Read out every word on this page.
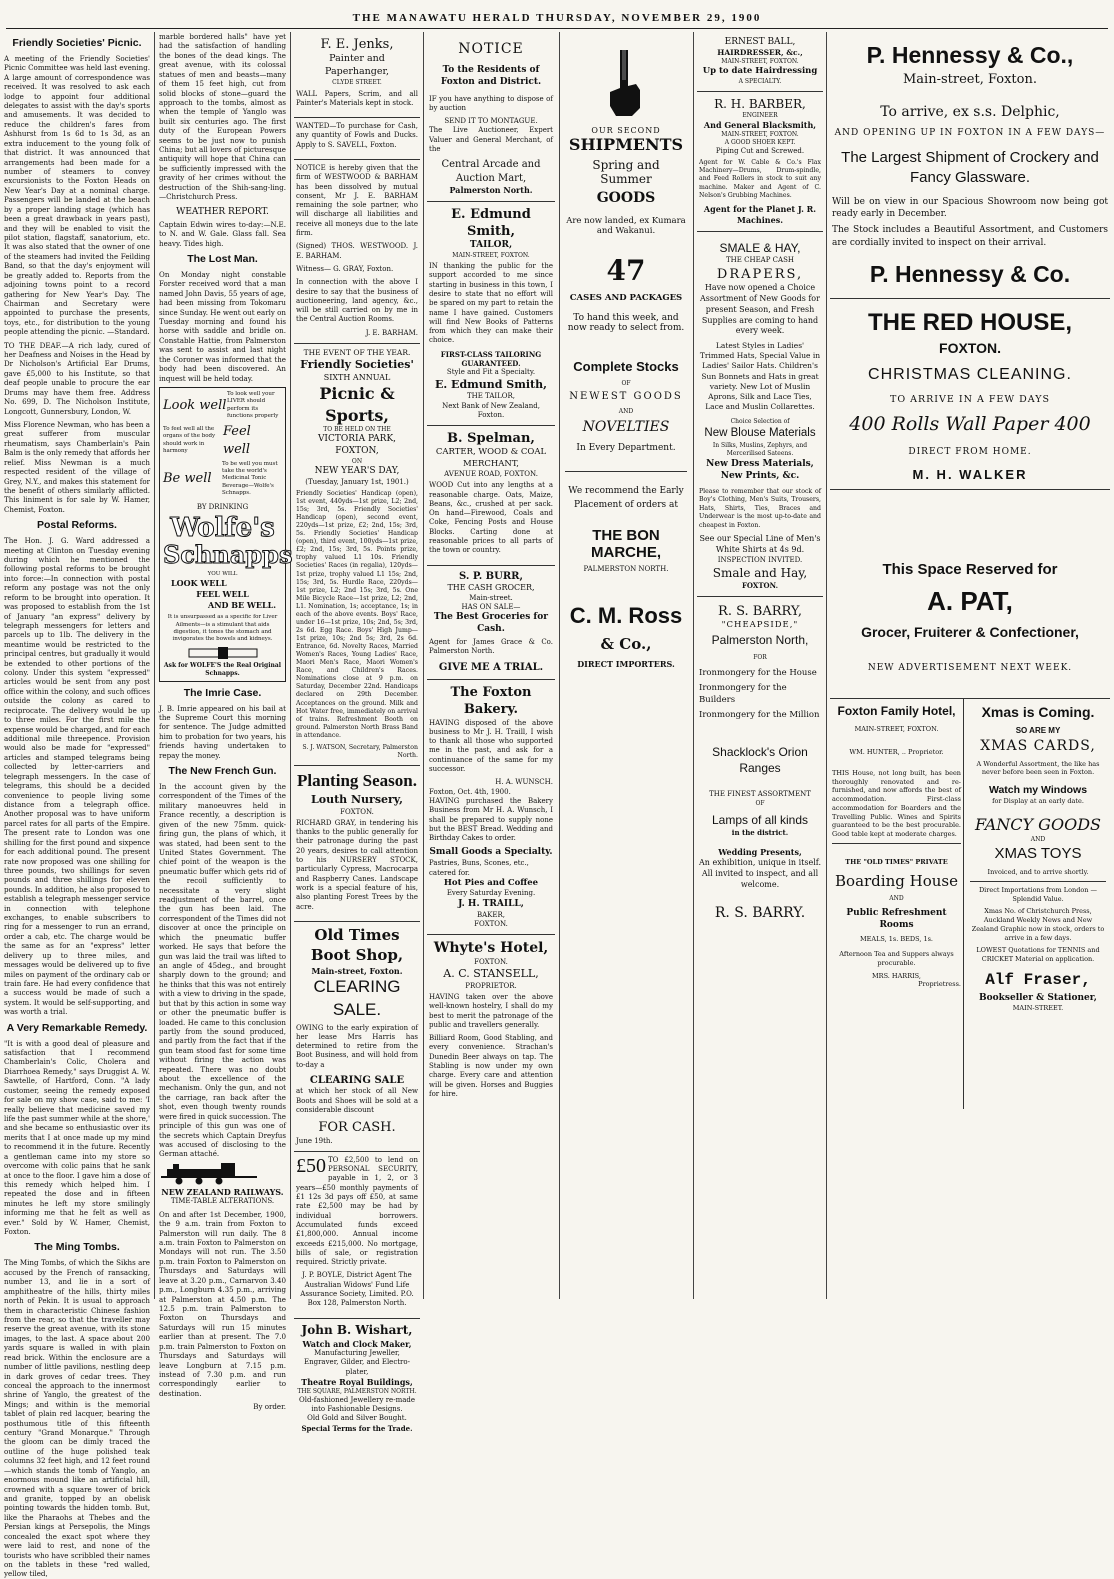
THE MANAWATU HERALD THURSDAY, NOVEMBER 29, 1900
Friendly Societies' Picnic.

A meeting of the Friendly Societies' Picnic Committee was held last evening. A large amount of correspondence was received. It was resolved to ask each lodge to appoint four additional delegates to assist with the day's sports and amusements. It was decided to reduce the children's fares from Ashhurst from 1s 6d to 1s 3d, as an extra inducement to the young folk of that district. It was announced that arrangements had been made for a number of steamers to convey excursionists to the Foxton Heads on New Year's Day at a nominal charge. Passengers will be landed at the beach by a proper landing stage (which has been a great drawback in years past), and they will be enabled to visit the pilot station, flagstaff, sanatorium, etc. It was also stated that the owner of one of the steamers had invited the Feilding Band, so that the day's enjoyment will be greatly added to. Reports from the adjoining towns point to a record gathering for New Year's Day. The Chairman and Secretary were appointed to purchase the presents, toys, etc., for distribution to the young people attending the picnic. —Standard.

TO THE DEAF.—A rich lady, cured of her Deafness and Noises in the Head by Dr Nicholson's Artificial Ear Drums, gave £5,000 to his Institute, so that deaf people unable to procure the ear Drums may have them free. Address No. 699, D. The Nicholson Institute, Longcott, Gunnersbury, London, W.

Miss Florence Newman, who has been a great sufferer from muscular rheumatism, says Chamberlain's Pain Balm is the only remedy that affords her relief. Miss Newman is a much respected resident of the village of Grey, N.Y., and makes this statement for the benefit of others similarly afflicted. This liniment is for sale by W. Hamer, Chemist, Foxton.

Postal Reforms.

The Hon. J. G. Ward addressed a meeting at Clinton on Tuesday evening during which he mentioned the following postal reforms to be brought into force:—In connection with postal reform any postage was not the only reform to be brought into operation. It was proposed to establish from the 1st of January "an express" delivery by telegraph messengers for letters and parcels up to 1lb. The delivery in the meantime would be restricted to the principal centres, but gradually it would be extended to other portions of the colony. Under this system "expressed" articles would be sent from any post office within the colony, and such offices outside the colony as cared to reciprocate. The delivery would be up to three miles. For the first mile the expense would be charged, and for each additional mile threepence. Provision would also be made for "expressed" articles and stamped telegrams being collected by letter-carriers and telegraph messengers. In the case of telegrams, this should be a decided convenience to people living some distance from a telegraph office. Another proposal was to have uniform parcel rates for all parts of the Empire. The present rate to London was one shilling for the first pound and sixpence for each additional pound. The present rate now proposed was one shilling for three pounds, two shillings for seven pounds and three shillings for eleven pounds. In addition, he also proposed to establish a telegraph messenger service in connection with telephone exchanges, to enable subscribers to ring for a messenger to run an errand, order a cab, etc. The charge would be the same as for an "express" letter delivery up to three miles, and messages would be delivered up to five miles on payment of the ordinary cab or train fare. He had every confidence that a success would be made of such a system. It would be self-supporting, and was worth a trial.

A Very Remarkable Remedy.

"It is with a good deal of pleasure and satisfaction that I recommend Chamberlain's Colic, Cholera and Diarrhoea Remedy," says Druggist A. W. Sawtelle, of Hartford, Conn. "A lady customer, seeing the remedy exposed for sale on my show case, said to me: 'I really believe that medicine saved my life the past summer while at the shore,' and she became so enthusiastic over its merits that I at once made up my mind to recommend it in the future. Recently a gentleman came into my store so overcome with colic pains that he sank at once to the floor. I gave him a dose of this remedy which helped him. I repeated the dose and in fifteen minutes he left my store smilingly informing me that he felt as well as ever." Sold by W. Hamer, Chemist, Foxton.

The Ming Tombs.

The Ming Tombs, of which the Sikhs are accused by the French of ransacking, number 13, and lie in a sort of amphitheatre of the hills, thirty miles north of Pekin. It is usual to approach them in characteristic Chinese fashion from the rear, so that the traveller may reserve the great avenue, with its stone images, to the last. A space about 200 yards square is walled in with plain read brick. Within the enclosure are a number of little pavilions, nestling deep in dark groves of cedar trees. They conceal the approach to the innermost shrine of Yanglo, the greatest of the Mings; and within is the memorial tablet of plain red lacquer, bearing the posthumous title of this fifteenth century "Grand Monarque." Through the gloom can be dimly traced the outline of the huge polished teak columns 32 feet high, and 12 feet round—which stands the tomb of Yanglo, an enormous mound like an artificial hill, crowned with a square tower of brick and granite, topped by an obelisk pointing towards the hidden tomb. But, like the Pharaohs at Thebes and the Persian kings at Persepolis, the Mings concealed the exact spot where they were laid to rest, and none of the tourists who have scribbled their names on the tablets in these "red walled, yellow tiled,

marble bordered halls" have yet had the satisfaction of handling the bones of the dead kings. The great avenue, with its colossal statues of men and beasts—many of them 15 feet high, cut from solid blocks of stone—guard the approach to the tombs, almost as when the temple of Yanglo was built six centuries ago. The first duty of the European Powers seems to be just now to punish China; but all lovers of picturesque antiquity will hope that China can be sufficiently impressed with the gravity of her crimes without the destruction of the Shih-sang-ling.—Christchurch Press.

WEATHER REPORT.

Captain Edwin wires to-day:—N.E. to N. and W. Gale. Glass fall. Sea heavy. Tides high.

The Lost Man.

On Monday night constable Forster received word that a man named John Davis, 55 years of age, had been missing from Tokomaru since Sunday. He went out early on Tuesday morning and found his horse with saddle and bridle on. Constable Hattie, from Palmerston was sent to assist and last night the Coroner was informed that the body had been discovered. An inquest will be held today.

Look well
To look well your LIVER should perform its functions properly
To feel well all the organs of the body should work in harmony
Feel well
Be well
To be well you must take the world's Medicinal Tonic Beverage—Wolfe's Schnapps.
BY DRINKING
Wolfe's
Schnapps
YOU WILL
LOOK WELL
FEEL WELL
AND BE WELL.
It is unsurpassed as a specific for Liver Ailments—is a stimulant that aids digestion, it tones the stomach and invigorates the bowels and kidneys.
Ask for WOLFE'S the Real Original Schnapps.
The Imrie Case.

J. B. Imrie appeared on his bail at the Supreme Court this morning for sentence. The Judge admitted him to probation for two years, his friends having undertaken to repay the money.

The New French Gun.

In the account given by the correspondent of the Times of the military manoeuvres held in France recently, a description is given of the new 75mm. quick-firing gun, the plans of which, it was stated, had been sent to the United States Government. The chief point of the weapon is the pneumatic buffer which gets rid of the recoil sufficiently to necessitate a very slight readjustment of the barrel, once the gun has been laid. The correspondent of the Times did not discover at once the principle on which the pneumatic buffer worked. He says that before the gun was laid the trail was lifted to an angle of 45deg., and brought sharply down to the ground; and he thinks that this was not entirely with a view to driving in the spade, but that by this action in some way or other the pneumatic buffer is loaded. He came to this conclusion partly from the sound produced, and partly from the fact that if the gun team stood fast for some time without firing the action was repeated. There was no doubt about the excellence of the mechanism. Only the gun, and not the carriage, ran back after the shot, even though twenty rounds were fired in quick succession. The principle of this gun was one of the secrets which Captain Dreyfus was accused of disclosing to the German attaché.

NEW ZEALAND RAILWAYS.
TIME-TABLE ALTERATIONS.

On and after 1st December, 1900, the 9 a.m. train from Foxton to Palmerston will run daily. The 8 a.m. train Foxton to Palmerston on Mondays will not run. The 3.50 p.m. train Foxton to Palmerston on Thursdays and Saturdays will leave at 3.20 p.m., Carnarvon 3.40 p.m., Longburn 4.35 p.m., arriving at Palmerston at 4.50 p.m. The 12.5 p.m. train Palmerston to Foxton on Thursdays and Saturdays will run 15 minutes earlier than at present. The 7.0 p.m. train Palmerston to Foxton on Thursdays and Saturdays will leave Longburn at 7.15 p.m. instead of 7.30 p.m. and run correspondingly earlier to destination.

By order.
F. E. Jenks,
Painter and Paperhanger,
CLYDE STREET.

WALL Papers, Scrim, and all Painter's Materials kept in stock.

WANTED—To purchase for Cash, any quantity of Fowls and Ducks. Apply to S. SAVELL, Foxton.

NOTICE is hereby given that the firm of WESTWOOD & BARHAM has been dissolved by mutual consent, Mr J. E. BARHAM remaining the sole partner, who will discharge all liabilities and receive all moneys due to the late firm.

(Signed) THOS. WESTWOOD. J. E. BARHAM.

Witness— G. GRAY, Foxton.

In connection with the above I desire to say that the business of auctioneering, land agency, &c., will be still carried on by me in the Central Auction Rooms.

J. E. BARHAM.
THE EVENT OF THE YEAR.
Friendly Societies'
SIXTH ANNUAL
Picnic & Sports,
TO BE HELD ON THE
VICTORIA PARK, FOXTON,
ON
NEW YEAR'S DAY,
(Tuesday, January 1st, 1901.)

Friendly Societies' Handicap (open), 1st event, 440yds—1st prize, L2; 2nd, 15s; 3rd, 5s. Friendly Societies' Handicap (open), second event, 220yds—1st prize, £2; 2nd, 15s; 3rd, 5s. Friendly Societies' Handicap (open), third event, 100yds—1st prize, £2; 2nd, 15s; 3rd, 5s. Points prize, trophy valued L1 10s. Friendly Societies' Races (in regalia), 120yds—1st prize, trophy valued L1 15s; 2nd, 15s; 3rd, 5s. Hurdle Race, 220yds—1st prize, L2; 2nd 15s; 3rd, 5s. One Mile Bicycle Race—1st prize, L2; 2nd, L1. Nomination, 1s; acceptance, 1s; in each of the above events. Boys' Race, under 16—1st prize, 10s; 2nd, 5s; 3rd, 2s 6d. Egg Race. Boys' High Jump—1st prize, 10s; 2nd 5s; 3rd, 2s 6d. Entrance, 6d. Novelty Races, Married Women's Races, Young Ladies' Race, Maori Men's Race, Maori Women's Race, and Children's Races. Nominations close at 9 p.m. on Saturday, December 22nd. Handicaps declared on 29th December. Acceptances on the ground. Milk and Hot Water free, immediately on arrival of trains. Refreshment Booth on ground. Palmerston North Brass Band in attendance.

S. J. WATSON, Secretary, Palmerston North.
Planting Season.
Louth Nursery,
FOXTON.

RICHARD GRAY, in tendering his thanks to the public generally for their patronage during the past 20 years, desires to call attention to his NURSERY STOCK, particularly Cypress, Macrocarpa and Raspberry Canes. Landscape work is a special feature of his, also planting Forest Trees by the acre.

Old Times Boot Shop,
Main-street, Foxton.
CLEARING SALE.

OWING to the early expiration of her lease Mrs Harris has determined to retire from the Boot Business, and will hold from to-day a

CLEARING SALE

at which her stock of all New Boots and Shoes will be sold at a considerable discount

FOR CASH.
June 19th.
£50 TO £2,500 to lend on PERSONAL SECURITY, payable in 1, 2, or 3 years—£50 monthly payments of £1 12s 3d pays off £50, at same rate £2,500 may be had by individual borrowers. Accumulated funds exceed £1,800,000. Annual income exceeds £215,000. No mortgage, bills of sale, or registration required. Strictly private.

J. P. BOYLE, District Agent The Australian Widows' Fund Life Assurance Society, Limited. P.O. Box 128, Palmerston North.

John B. Wishart,
Watch and Clock Maker,
Manufacturing Jeweller, Engraver, Gilder, and Electro-plater,
Theatre Royal Buildings,
THE SQUARE, PALMERSTON NORTH.
Old-fashioned Jewellery re-made into Fashionable Designs.
Old Gold and Silver Bought.
Special Terms for the Trade.
NOTICE
To the Residents of
Foxton and District.

IF you have anything to dispose of by auction

SEND IT TO MONTAGUE.

The Live Auctioneer, Expert Valuer and General Merchant, of the

Central Arcade and Auction Mart,
Palmerston North.
E. Edmund Smith,
TAILOR,
MAIN-STREET, FOXTON.

IN thanking the public for the support accorded to me since starting in business in this town, I desire to state that no effort will be spared on my part to retain the name I have gained. Customers will find New Books of Patterns from which they can make their choice.

FIRST-CLASS TAILORING GUARANTEED.
Style and Fit a Specialty.
E. Edmund Smith,
THE TAILOR,
Next Bank of New Zealand, Foxton.
B. Spelman,
CARTER, WOOD & COAL MERCHANT,
AVENUE ROAD, FOXTON.

WOOD Cut into any lengths at a reasonable charge. Oats, Maize, Beans, &c., crushed at per sack. On hand—Firewood, Coals and Coke, Fencing Posts and House Blocks. Carting done at reasonable prices to all parts of the town or country.

S. P. BURR,
THE CASH GROCER,
Main-street.
HAS ON SALE—
The Best Groceries for Cash.

Agent for James Grace & Co. Palmerston North.

GIVE ME A TRIAL.
The Foxton Bakery.

HAVING disposed of the above business to Mr J. H. Traill, I wish to thank all those who supported me in the past, and ask for a continuance of the same for my successor.

H. A. WUNSCH.
Foxton, Oct. 4th, 1900.

HAVING purchased the Bakery Business from Mr H. A. Wunsch, I shall be prepared to supply none but the BEST Bread. Wedding and Birthday Cakes to order.

Small Goods a Specialty.
Pastries, Buns, Scones, etc., catered for.
Hot Pies and Coffee
Every Saturday Evening.
J. H. TRAILL,
BAKER,
FOXTON.
Whyte's Hotel,
FOXTON.
A. C. STANSELL,
PROPRIETOR.

HAVING taken over the above well-known hostelry, I shall do my best to merit the patronage of the public and travellers generally.

Billiard Room, Good Stabling, and every convenience. Strachan's Dunedin Beer always on tap. The Stabling is now under my own charge. Every care and attention will be given. Horses and Buggies for hire.

OUR SECOND
SHIPMENTS
Spring and Summer
GOODS
Are now landed, ex Kumara and Wakanui.
47
CASES AND PACKAGES
To hand this week, and now ready to select from.
Complete Stocks
OF
NEWEST GOODS
AND
NOVELTIES
In Every Department.
We recommend the Early Placement of orders at
THE BON MARCHE,
PALMERSTON NORTH.
C. M. Ross
& Co.,
DIRECT IMPORTERS.
ERNEST BALL,
HAIRDRESSER, &c.,
MAIN-STREET, FOXTON.
Up to date Hairdressing
A SPECIALTY.
R. H. BARBER,
ENGINEER
And General Blacksmith,
MAIN-STREET, FOXTON.
A GOOD SHOER KEPT.
Piping Cut and Screwed.

Agent for W. Cable & Co.'s Flax Machinery—Drums, Drum-spindle, and Feed Rollers in stock to suit any machine. Maker and Agent of C. Nelson's Grubbing Machines.

Agent for the Planet J. R. Machines.
SMALE & HAY,
THE CHEAP CASH
DRAPERS,

Have now opened a Choice Assortment of New Goods for present Season, and Fresh Supplies are coming to hand every week.

Latest Styles in Ladies' Trimmed Hats, Special Value in Ladies' Sailor Hats. Children's Sun Bonnets and Hats in great variety. New Lot of Muslin Aprons, Silk and Lace Ties, Lace and Muslin Collarettes.

Choice Selection of
New Blouse Materials
In Silks, Muslins, Zephyrs, and Mercerilised Sateens.
New Dress Materials, New Prints, &c.

Please to remember that our stock of Boy's Clothing, Men's Suits, Trousers, Hats, Shirts, Ties, Braces and Underwear is the most up-to-date and cheapest in Foxton.

See our Special Line of Men's White Shirts at 4s 9d.
INSPECTION INVITED.
Smale and Hay,
FOXTON.
R. S. BARRY,
"CHEAPSIDE,"
Palmerston North,
FOR
Ironmongery for the House
Ironmongery for the Builders
Ironmongery for the Million
Shacklock's Orion Ranges
THE FINEST ASSORTMENT
OF
Lamps of all kinds
in the district.
Wedding Presents,
An exhibition, unique in itself.
All invited to inspect, and all welcome.
R. S. BARRY.
P. Hennessy & Co.,
Main-street, Foxton.
To arrive, ex s.s. Delphic,
AND OPENING UP IN FOXTON IN A FEW DAYS—
The Largest Shipment of Crockery and Fancy Glassware.

Will be on view in our Spacious Showroom now being got ready early in December.

The Stock includes a Beautiful Assortment, and Customers are cordially invited to inspect on their arrival.

P. Hennessy & Co.
THE RED HOUSE,
FOXTON.
CHRISTMAS CLEANING.
TO ARRIVE IN A FEW DAYS
400 Rolls Wall Paper 400
DIRECT FROM HOME.
M. H. WALKER
This Space Reserved for
A. PAT,
Grocer, Fruiterer & Confectioner,
NEW ADVERTISEMENT NEXT WEEK.
Foxton Family Hotel,
MAIN-STREET, FOXTON.
WM. HUNTER, .. Proprietor.

THIS House, not long built, has been thoroughly renovated and re-furnished, and now affords the best of accommodation. First-class accommodation for Boarders and the Travelling Public. Wines and Spirits guaranteed to be the best procurable. Good table kept at moderate charges.

THE "OLD TIMES" PRIVATE
Boarding House
AND
Public Refreshment Rooms
MEALS, 1s. BEDS, 1s.
Afternoon Tea and Suppers always procurable.
MRS. HARRIS,
Proprietress.
Xmas is Coming.
SO ARE MY
XMAS CARDS,

A Wonderful Assortment, the like has never before been seen in Foxton.

Watch my Windows
for Display at an early date.
FANCY GOODS
AND
XMAS TOYS
Invoiced, and to arrive shortly.

Direct Importations from London —Splendid Value.

Xmas No. of Christchurch Press, Auckland Weekly News and New Zealand Graphic now in stock, orders to arrive in a few days.

LOWEST Quotations for TENNIS and CRICKET Material on application.

Alf Fraser,
Bookseller & Stationer,
MAIN-STREET.
